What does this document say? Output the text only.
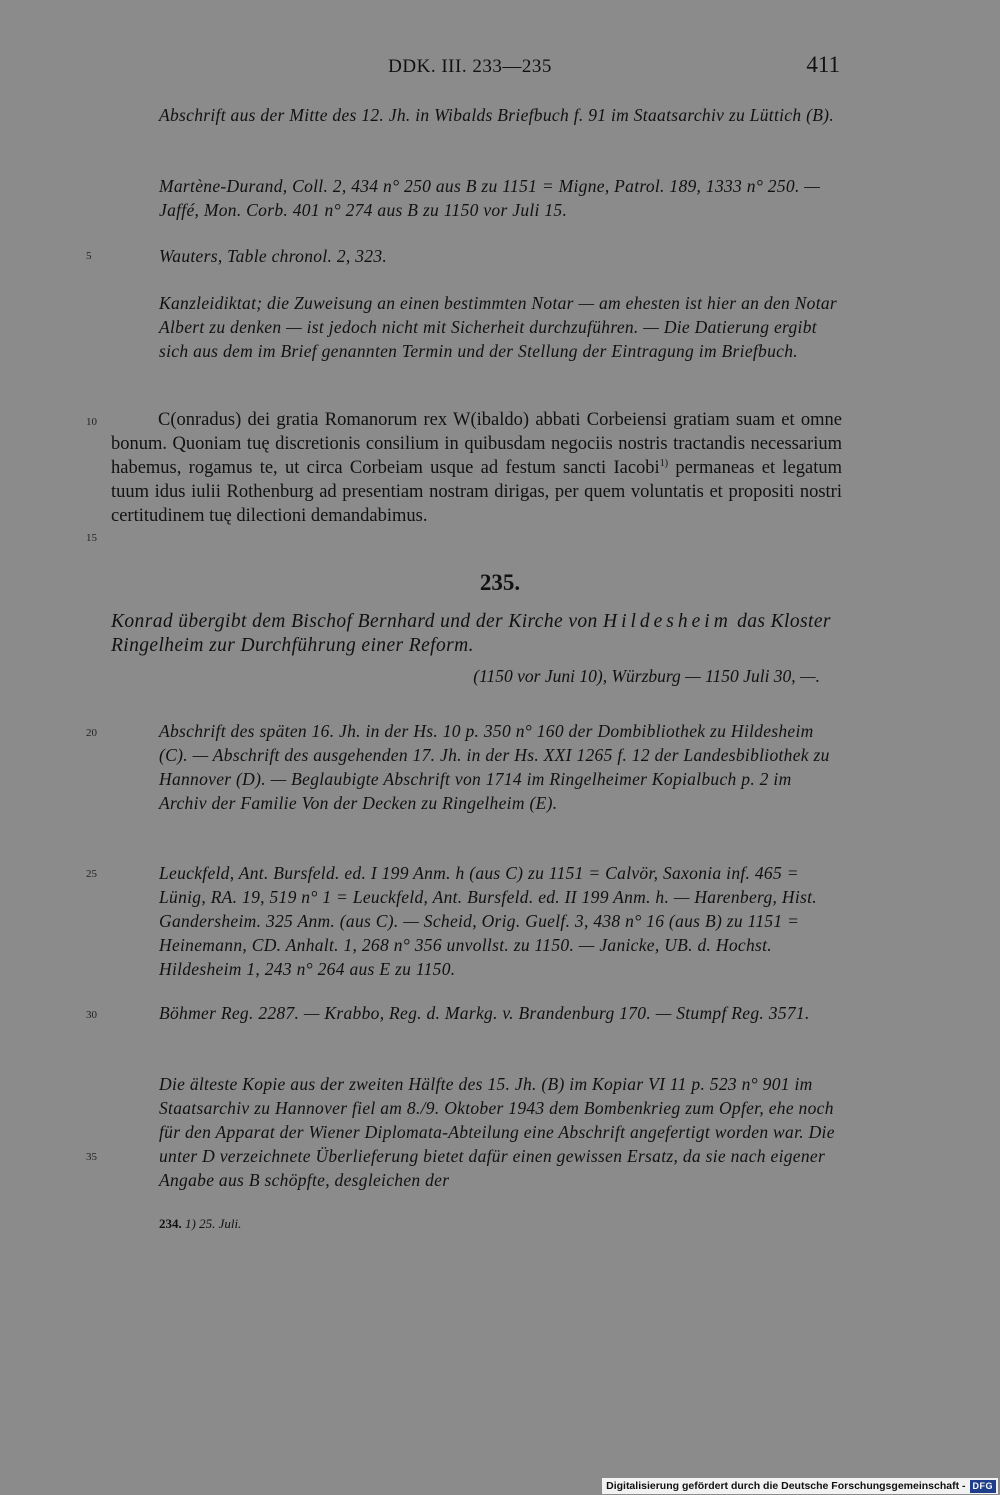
DDK. III. 233—235	411

Abschrift aus der Mitte des 12. Jh. in Wibalds Briefbuch f. 91 im Staatsarchiv zu Lüttich (B).

Martène-Durand, Coll. 2, 434 n° 250 aus B zu 1151 = Migne, Patrol. 189, 1333 n° 250. — Jaffé, Mon. Corb. 401 n° 274 aus B zu 1150 vor Juli 15.

Wauters, Table chronol. 2, 323.

Kanzleidiktat; die Zuweisung an einen bestimmten Notar — am ehesten ist hier an den Notar Albert zu denken — ist jedoch nicht mit Sicherheit durchzuführen. — Die Datierung ergibt sich aus dem im Brief genannten Termin und der Stellung der Eintragung im Briefbuch.

C(onradus) dei gratia Romanorum rex W(ibaldo) abbati Corbeiensi gratiam suam et omne bonum. Quoniam tuę discretionis consilium in quibusdam negociis nostris tractandis necessarium habemus, rogamus te, ut circa Corbeiam usque ad festum sancti Iacobi$^{1)}$ permaneas et legatum tuum idus iulii Rothenburg ad presentiam nostram dirigas, per quem voluntatis et propositi nostri certitudinem tuę dilectioni demandabimus.

235.
Konrad übergibt dem Bischof Bernhard und der Kirche von Hildesheim das Kloster Ringelheim zur Durchführung einer Reform.
(1150 vor Juni 10), Würzburg — 1150 Juli 30, —.

Abschrift des späten 16. Jh. in der Hs. 10 p. 350 n° 160 der Dombibliothek zu Hildesheim (C). — Abschrift des ausgehenden 17. Jh. in der Hs. XXI 1265 f. 12 der Landesbibliothek zu Hannover (D). — Beglaubigte Abschrift von 1714 im Ringelheimer Kopialbuch p. 2 im Archiv der Familie Von der Decken zu Ringelheim (E).

Leuckfeld, Ant. Bursfeld. ed. I 199 Anm. h (aus C) zu 1151 = Calvör, Saxonia inf. 465 = Lünig, RA. 19, 519 n° 1 = Leuckfeld, Ant. Bursfeld. ed. II 199 Anm. h. — Harenberg, Hist. Gandersheim. 325 Anm. (aus C). — Scheid, Orig. Guelf. 3, 438 n° 16 (aus B) zu 1151 = Heinemann, CD. Anhalt. 1, 268 n° 356 unvollst. zu 1150. — Janicke, UB. d. Hochst. Hildesheim 1, 243 n° 264 aus E zu 1150.

Böhmer Reg. 2287. — Krabbo, Reg. d. Markg. v. Brandenburg 170. — Stumpf Reg. 3571.

Die älteste Kopie aus der zweiten Hälfte des 15. Jh. (B) im Kopiar VI 11 p. 523 n° 901 im Staatsarchiv zu Hannover fiel am 8./9. Oktober 1943 dem Bombenkrieg zum Opfer, ehe noch für den Apparat der Wiener Diplomata-Abteilung eine Abschrift angefertigt worden war. Die unter D verzeichnete Überlieferung bietet dafür einen gewissen Ersatz, da sie nach eigener Angabe aus B schöpfte, desgleichen der

5
10
15
20
25
30
35
234. 1) 25. Juli.
Digitalisierung gefördert durch die Deutsche Forschungsgemeinschaft - DFG
